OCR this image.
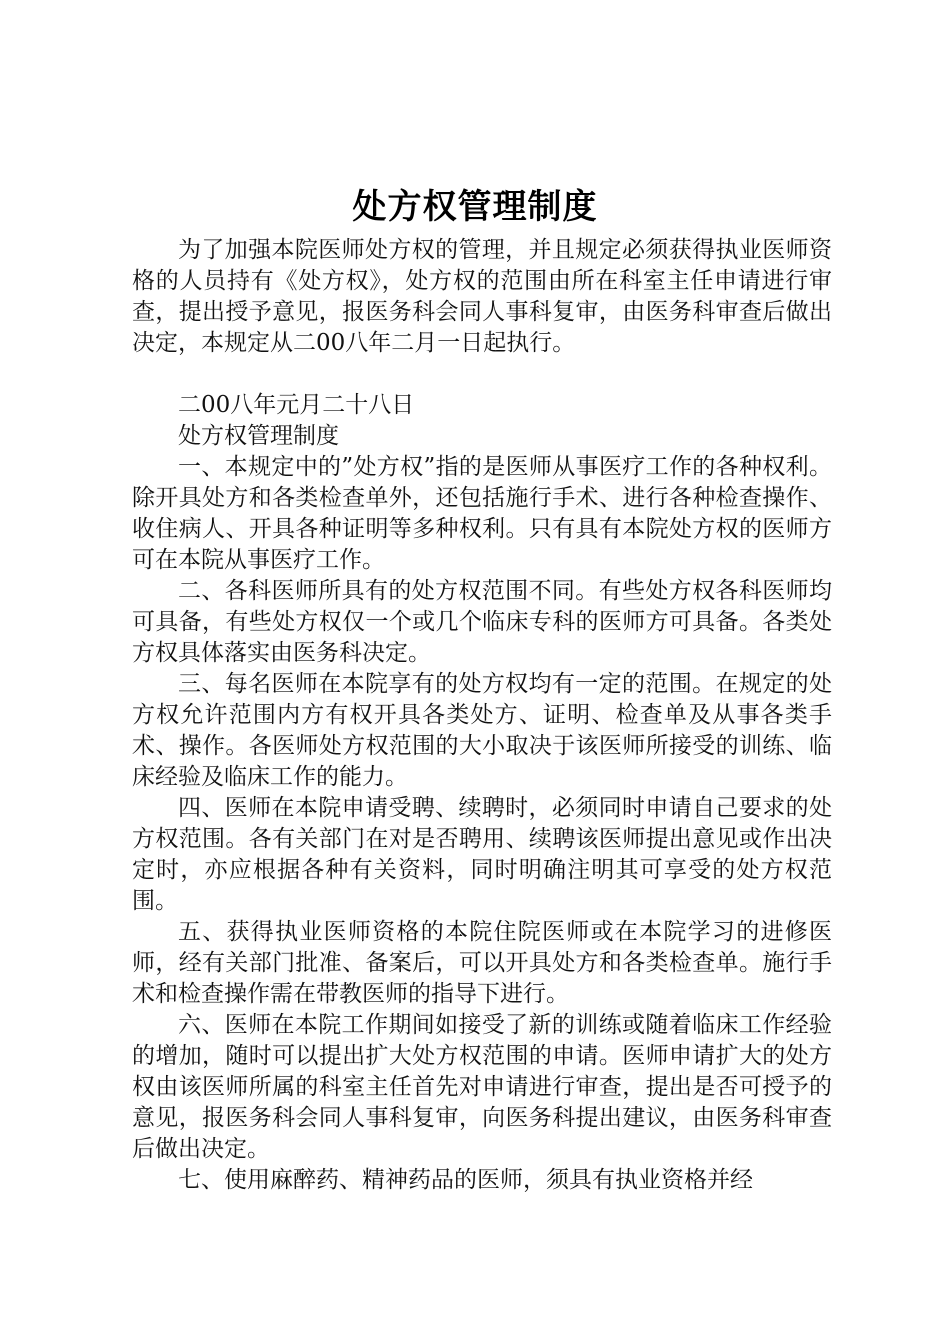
处方权管理制度

为了加强本院医师处方权的管理，并且规定必须获得执业医师资格的人员持有《处方权》，处方权的范围由所在科室主任申请进行审查，提出授予意见，报医务科会同人事科复审，由医务科审查后做出决定，本规定从二00八年二月一日起执行。

二00八年元月二十八日

处方权管理制度

一、本规定中的”处方权”指的是医师从事医疗工作的各种权利。除开具处方和各类检查单外，还包括施行手术、进行各种检查操作、收住病人、开具各种证明等多种权利。只有具有本院处方权的医师方可在本院从事医疗工作。

二、各科医师所具有的处方权范围不同。有些处方权各科医师均可具备，有些处方权仅一个或几个临床专科的医师方可具备。各类处方权具体落实由医务科决定。

三、每名医师在本院享有的处方权均有一定的范围。在规定的处方权允许范围内方有权开具各类处方、证明、检查单及从事各类手术、操作。各医师处方权范围的大小取决于该医师所接受的训练、临床经验及临床工作的能力。

四、医师在本院申请受聘、续聘时，必须同时申请自己要求的处方权范围。各有关部门在对是否聘用、续聘该医师提出意见或作出决定时，亦应根据各种有关资料，同时明确注明其可享受的处方权范围。

五、获得执业医师资格的本院住院医师或在本院学习的进修医师，经有关部门批准、备案后，可以开具处方和各类检查单。施行手术和检查操作需在带教医师的指导下进行。

六、医师在本院工作期间如接受了新的训练或随着临床工作经验的增加，随时可以提出扩大处方权范围的申请。医师申请扩大的处方权由该医师所属的科室主任首先对申请进行审查，提出是否可授予的意见，报医务科会同人事科复审，向医务科提出建议，由医务科审查后做出决定。

七、使用麻醉药、精神药品的医师，须具有执业资格并经
